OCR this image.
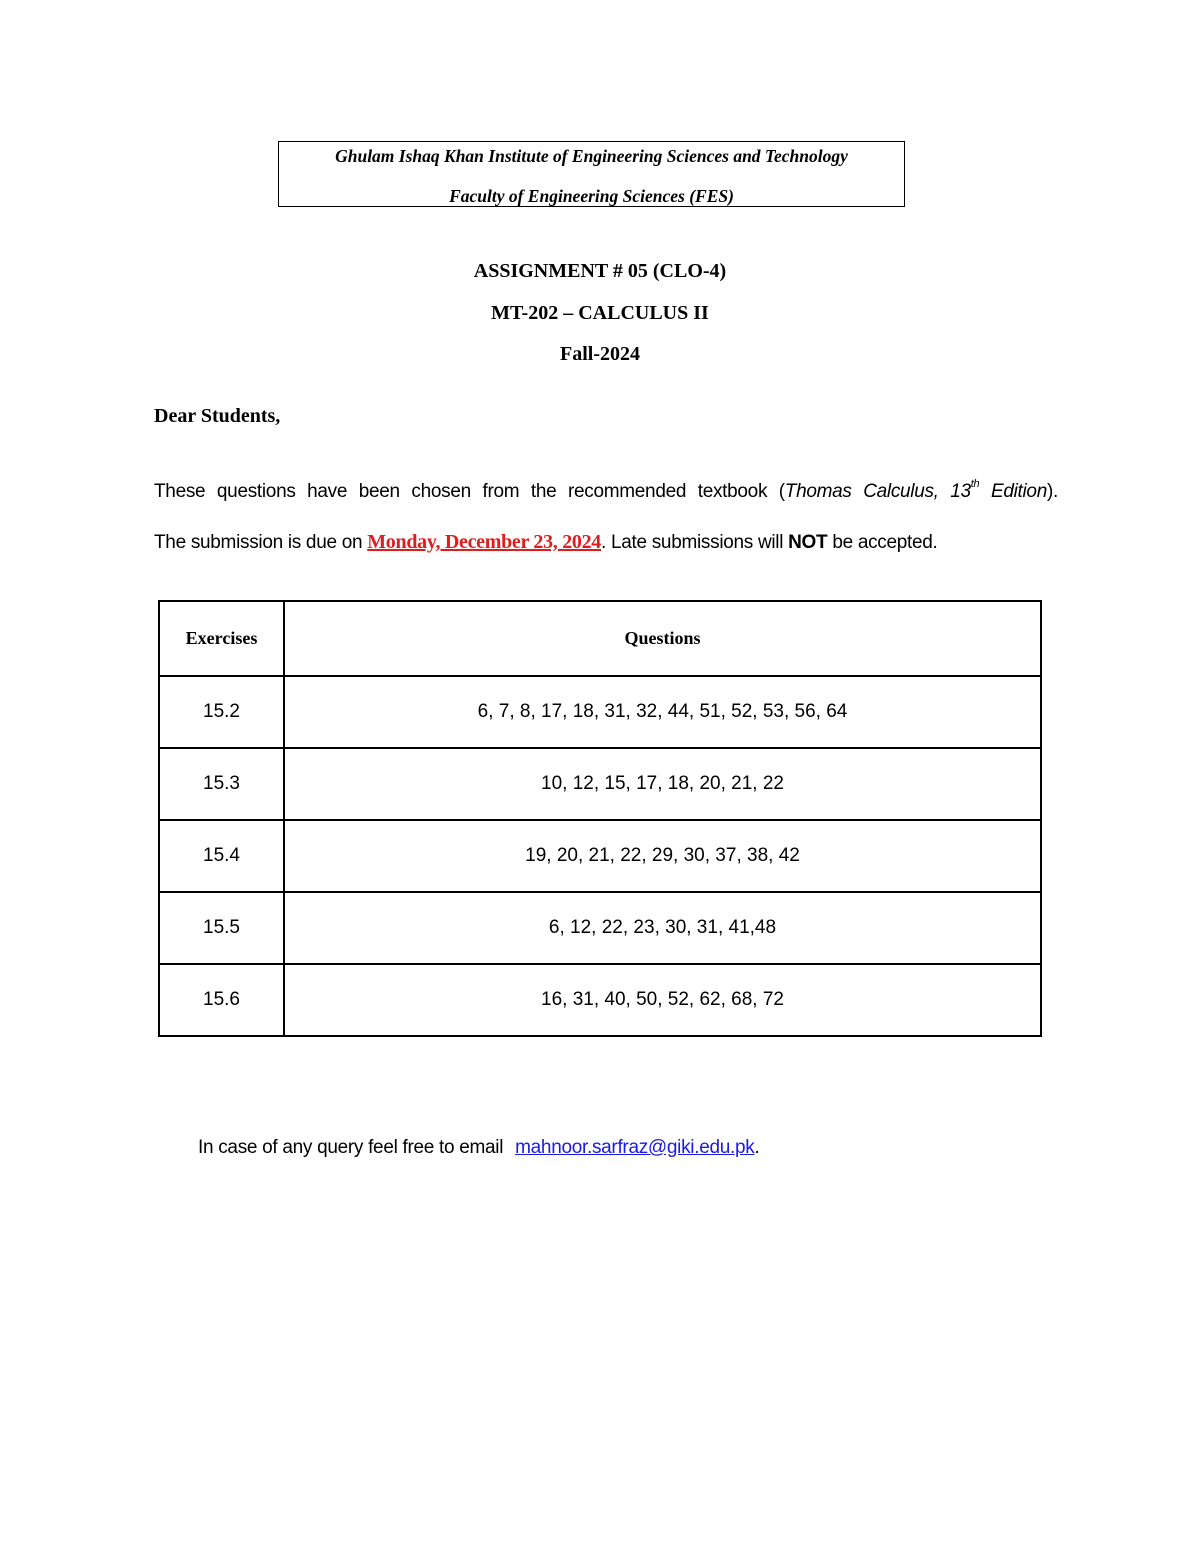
Ghulam Ishaq Khan Institute of Engineering Sciences and Technology
Faculty of Engineering Sciences (FES)
ASSIGNMENT # 05 (CLO-4)
MT-202 – CALCULUS II
Fall-2024
Dear Students,
These questions have been chosen from the recommended textbook (Thomas Calculus, 13th Edition).
The submission is due on Monday, December 23, 2024. Late submissions will NOT be accepted.
Exercises	Questions
15.2	6, 7, 8, 17, 18, 31, 32, 44, 51, 52, 53, 56, 64
15.3	10, 12, 15, 17, 18, 20, 21, 22
15.4	19, 20, 21, 22, 29, 30, 37, 38, 42
15.5	6, 12, 22, 23, 30, 31, 41,48
15.6	16, 31, 40, 50, 52, 62, 68, 72
In case of any query feel free to email mahnoor.sarfraz@giki.edu.pk.
